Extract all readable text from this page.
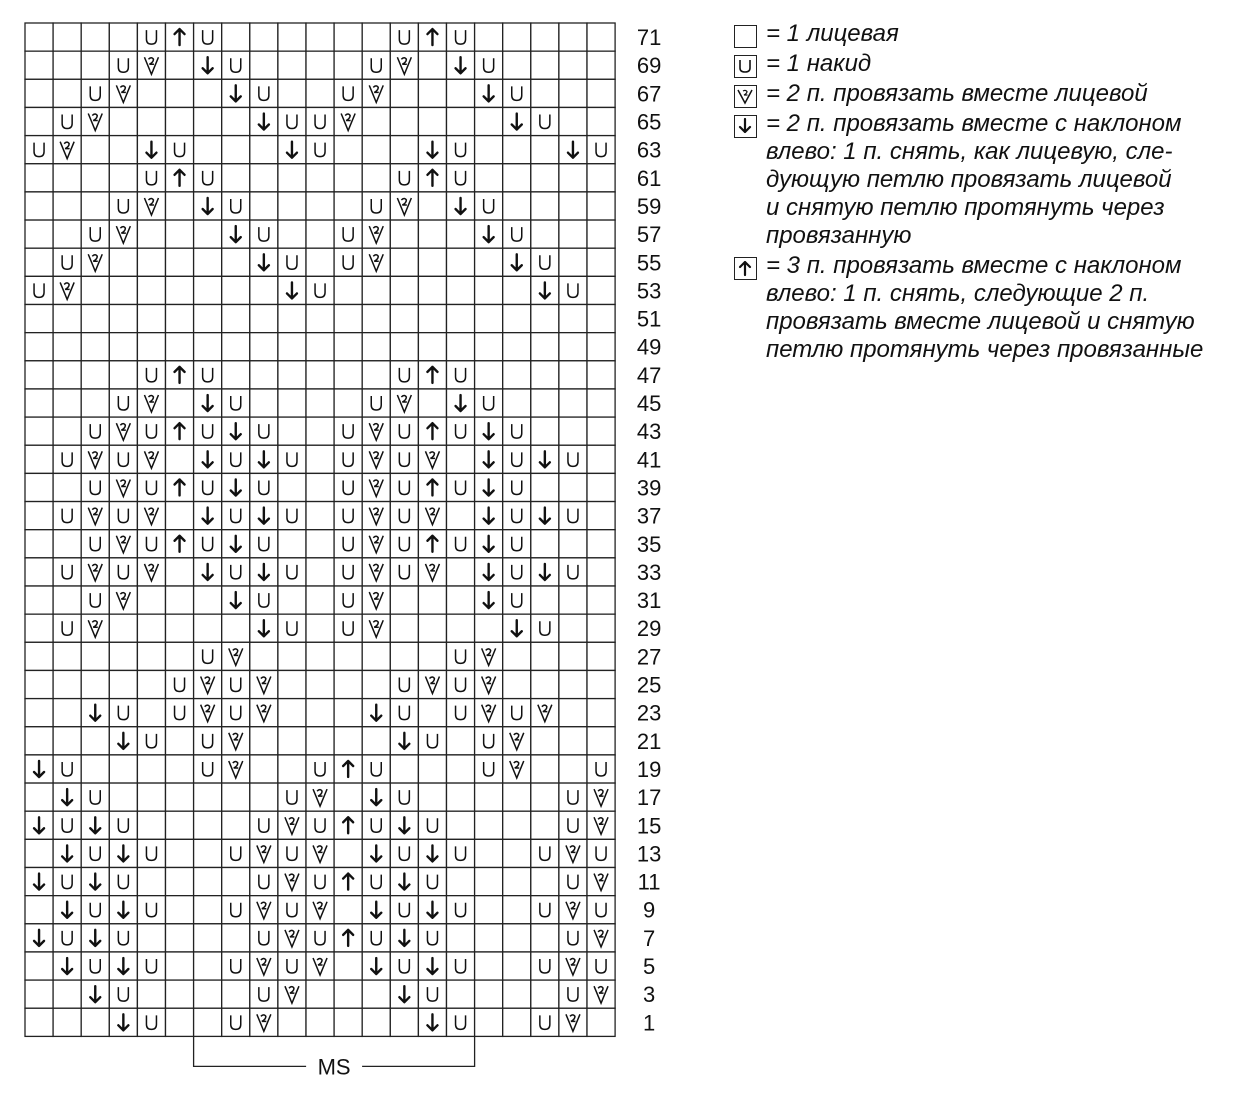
71
69
67
65
63
61
59
57
55
53
51
49
47
45
43
41
39
37
35
33
31
29
27
25
23
21
19
17
15
13
11
9
7
5
3
1
MS
= 1 лицевая
= 1 накид
= 2 п. провязать вместе лицевой
= 2 п. провязать вместе с наклоном
влево: 1 п. снять, как лицевую, сле-
дующую петлю провязать лицевой
и снятую петлю протянуть через
провязанную
= 3 п. провязать вместе с наклоном
влево: 1 п. снять, следующие 2 п.
провязать вместе лицевой и снятую
петлю протянуть через провязанные
